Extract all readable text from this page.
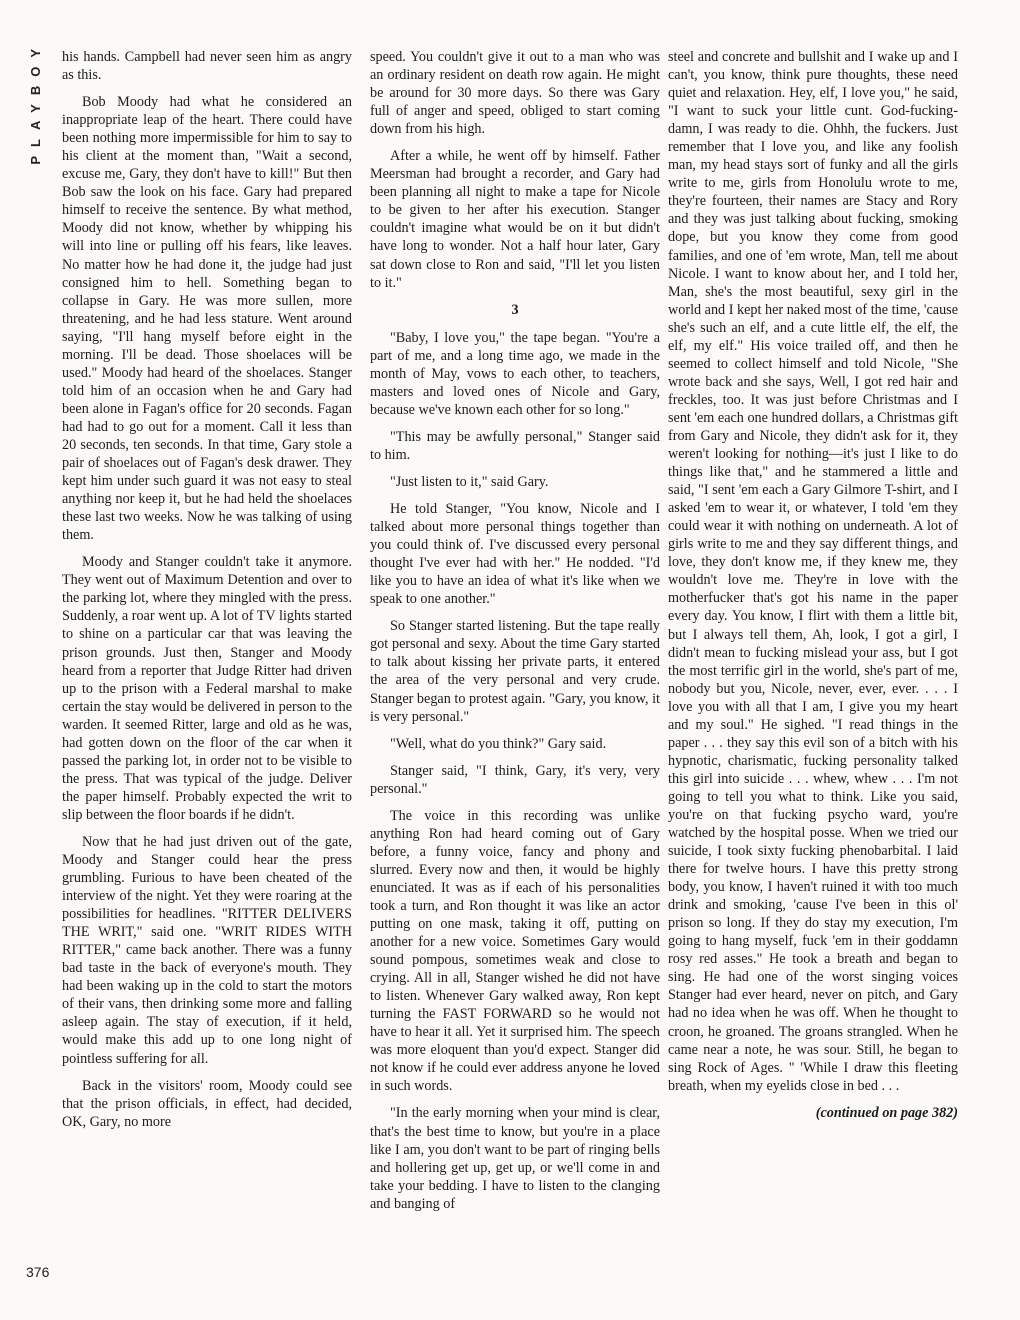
PLAYBOY
376

his hands. Campbell had never seen him as angry as this.

Bob Moody had what he considered an inappropriate leap of the heart. There could have been nothing more impermissible for him to say to his client at the moment than, "Wait a second, excuse me, Gary, they don't have to kill!" But then Bob saw the look on his face. Gary had prepared himself to receive the sentence. By what method, Moody did not know, whether by whipping his will into line or pulling off his fears, like leaves. No matter how he had done it, the judge had just consigned him to hell. Something began to collapse in Gary. He was more sullen, more threatening, and he had less stature. Went around saying, "I'll hang myself before eight in the morning. I'll be dead. Those shoelaces will be used." Moody had heard of the shoelaces. Stanger told him of an occasion when he and Gary had been alone in Fagan's office for 20 seconds. Fagan had had to go out for a moment. Call it less than 20 seconds, ten seconds. In that time, Gary stole a pair of shoelaces out of Fagan's desk drawer. They kept him under such guard it was not easy to steal anything nor keep it, but he had held the shoelaces these last two weeks. Now he was talking of using them.

Moody and Stanger couldn't take it anymore. They went out of Maximum Detention and over to the parking lot, where they mingled with the press. Suddenly, a roar went up. A lot of TV lights started to shine on a particular car that was leaving the prison grounds. Just then, Stanger and Moody heard from a reporter that Judge Ritter had driven up to the prison with a Federal marshal to make certain the stay would be delivered in person to the warden. It seemed Ritter, large and old as he was, had gotten down on the floor of the car when it passed the parking lot, in order not to be visible to the press. That was typical of the judge. Deliver the paper himself. Probably expected the writ to slip between the floor boards if he didn't.

Now that he had just driven out of the gate, Moody and Stanger could hear the press grumbling. Furious to have been cheated of the interview of the night. Yet they were roaring at the possibilities for headlines. "RITTER DELIVERS THE WRIT," said one. "WRIT RIDES WITH RITTER," came back another. There was a funny bad taste in the back of everyone's mouth. They had been waking up in the cold to start the motors of their vans, then drinking some more and falling asleep again. The stay of execution, if it held, would make this add up to one long night of pointless suffering for all.

Back in the visitors' room, Moody could see that the prison officials, in effect, had decided, OK, Gary, no more

speed. You couldn't give it out to a man who was an ordinary resident on death row again. He might be around for 30 more days. So there was Gary full of anger and speed, obliged to start coming down from his high.

After a while, he went off by himself. Father Meersman had brought a recorder, and Gary had been planning all night to make a tape for Nicole to be given to her after his execution. Stanger couldn't imagine what would be on it but didn't have long to wonder. Not a half hour later, Gary sat down close to Ron and said, "I'll let you listen to it."

3

"Baby, I love you," the tape began. "You're a part of me, and a long time ago, we made in the month of May, vows to each other, to teachers, masters and loved ones of Nicole and Gary, because we've known each other for so long."

"This may be awfully personal," Stanger said to him.

"Just listen to it," said Gary.

He told Stanger, "You know, Nicole and I talked about more personal things together than you could think of. I've discussed every personal thought I've ever had with her." He nodded. "I'd like you to have an idea of what it's like when we speak to one another."

So Stanger started listening. But the tape really got personal and sexy. About the time Gary started to talk about kissing her private parts, it entered the area of the very personal and very crude. Stanger began to protest again. "Gary, you know, it is very personal."

"Well, what do you think?" Gary said.

Stanger said, "I think, Gary, it's very, very personal."

The voice in this recording was unlike anything Ron had heard coming out of Gary before, a funny voice, fancy and phony and slurred. Every now and then, it would be highly enunciated. It was as if each of his personalities took a turn, and Ron thought it was like an actor putting on one mask, taking it off, putting on another for a new voice. Sometimes Gary would sound pompous, sometimes weak and close to crying. All in all, Stanger wished he did not have to listen. Whenever Gary walked away, Ron kept turning the FAST FORWARD so he would not have to hear it all. Yet it surprised him. The speech was more eloquent than you'd expect. Stanger did not know if he could ever address anyone he loved in such words.

"In the early morning when your mind is clear, that's the best time to know, but you're in a place like I am, you don't want to be part of ringing bells and hollering get up, get up, or we'll come in and take your bedding. I have to listen to the clanging and banging of

steel and concrete and bullshit and I wake up and I can't, you know, think pure thoughts, these need quiet and relaxation. Hey, elf, I love you," he said, "I want to suck your little cunt. God-fucking-damn, I was ready to die. Ohhh, the fuckers. Just remember that I love you, and like any foolish man, my head stays sort of funky and all the girls write to me, girls from Honolulu wrote to me, they're fourteen, their names are Stacy and Rory and they was just talking about fucking, smoking dope, but you know they come from good families, and one of 'em wrote, Man, tell me about Nicole. I want to know about her, and I told her, Man, she's the most beautiful, sexy girl in the world and I kept her naked most of the time, 'cause she's such an elf, and a cute little elf, the elf, the elf, my elf." His voice trailed off, and then he seemed to collect himself and told Nicole, "She wrote back and she says, Well, I got red hair and freckles, too. It was just before Christmas and I sent 'em each one hundred dollars, a Christmas gift from Gary and Nicole, they didn't ask for it, they weren't looking for nothing—it's just I like to do things like that," and he stammered a little and said, "I sent 'em each a Gary Gilmore T-shirt, and I asked 'em to wear it, or whatever, I told 'em they could wear it with nothing on underneath. A lot of girls write to me and they say different things, and love, they don't know me, if they knew me, they wouldn't love me. They're in love with the motherfucker that's got his name in the paper every day. You know, I flirt with them a little bit, but I always tell them, Ah, look, I got a girl, I didn't mean to fucking mislead your ass, but I got the most terrific girl in the world, she's part of me, nobody but you, Nicole, never, ever, ever. . . . I love you with all that I am, I give you my heart and my soul." He sighed. "I read things in the paper . . . they say this evil son of a bitch with his hypnotic, charismatic, fucking personality talked this girl into suicide . . . whew, whew . . . I'm not going to tell you what to think. Like you said, you're on that fucking psycho ward, you're watched by the hospital posse. When we tried our suicide, I took sixty fucking phenobarbital. I laid there for twelve hours. I have this pretty strong body, you know, I haven't ruined it with too much drink and smoking, 'cause I've been in this ol' prison so long. If they do stay my execution, I'm going to hang myself, fuck 'em in their goddamn rosy red asses." He took a breath and began to sing. He had one of the worst singing voices Stanger had ever heard, never on pitch, and Gary had no idea when he was off. When he thought to croon, he groaned. The groans strangled. When he came near a note, he was sour. Still, he began to sing Rock of Ages. " 'While I draw this fleeting breath, when my eyelids close in bed . . .

(continued on page 382)
